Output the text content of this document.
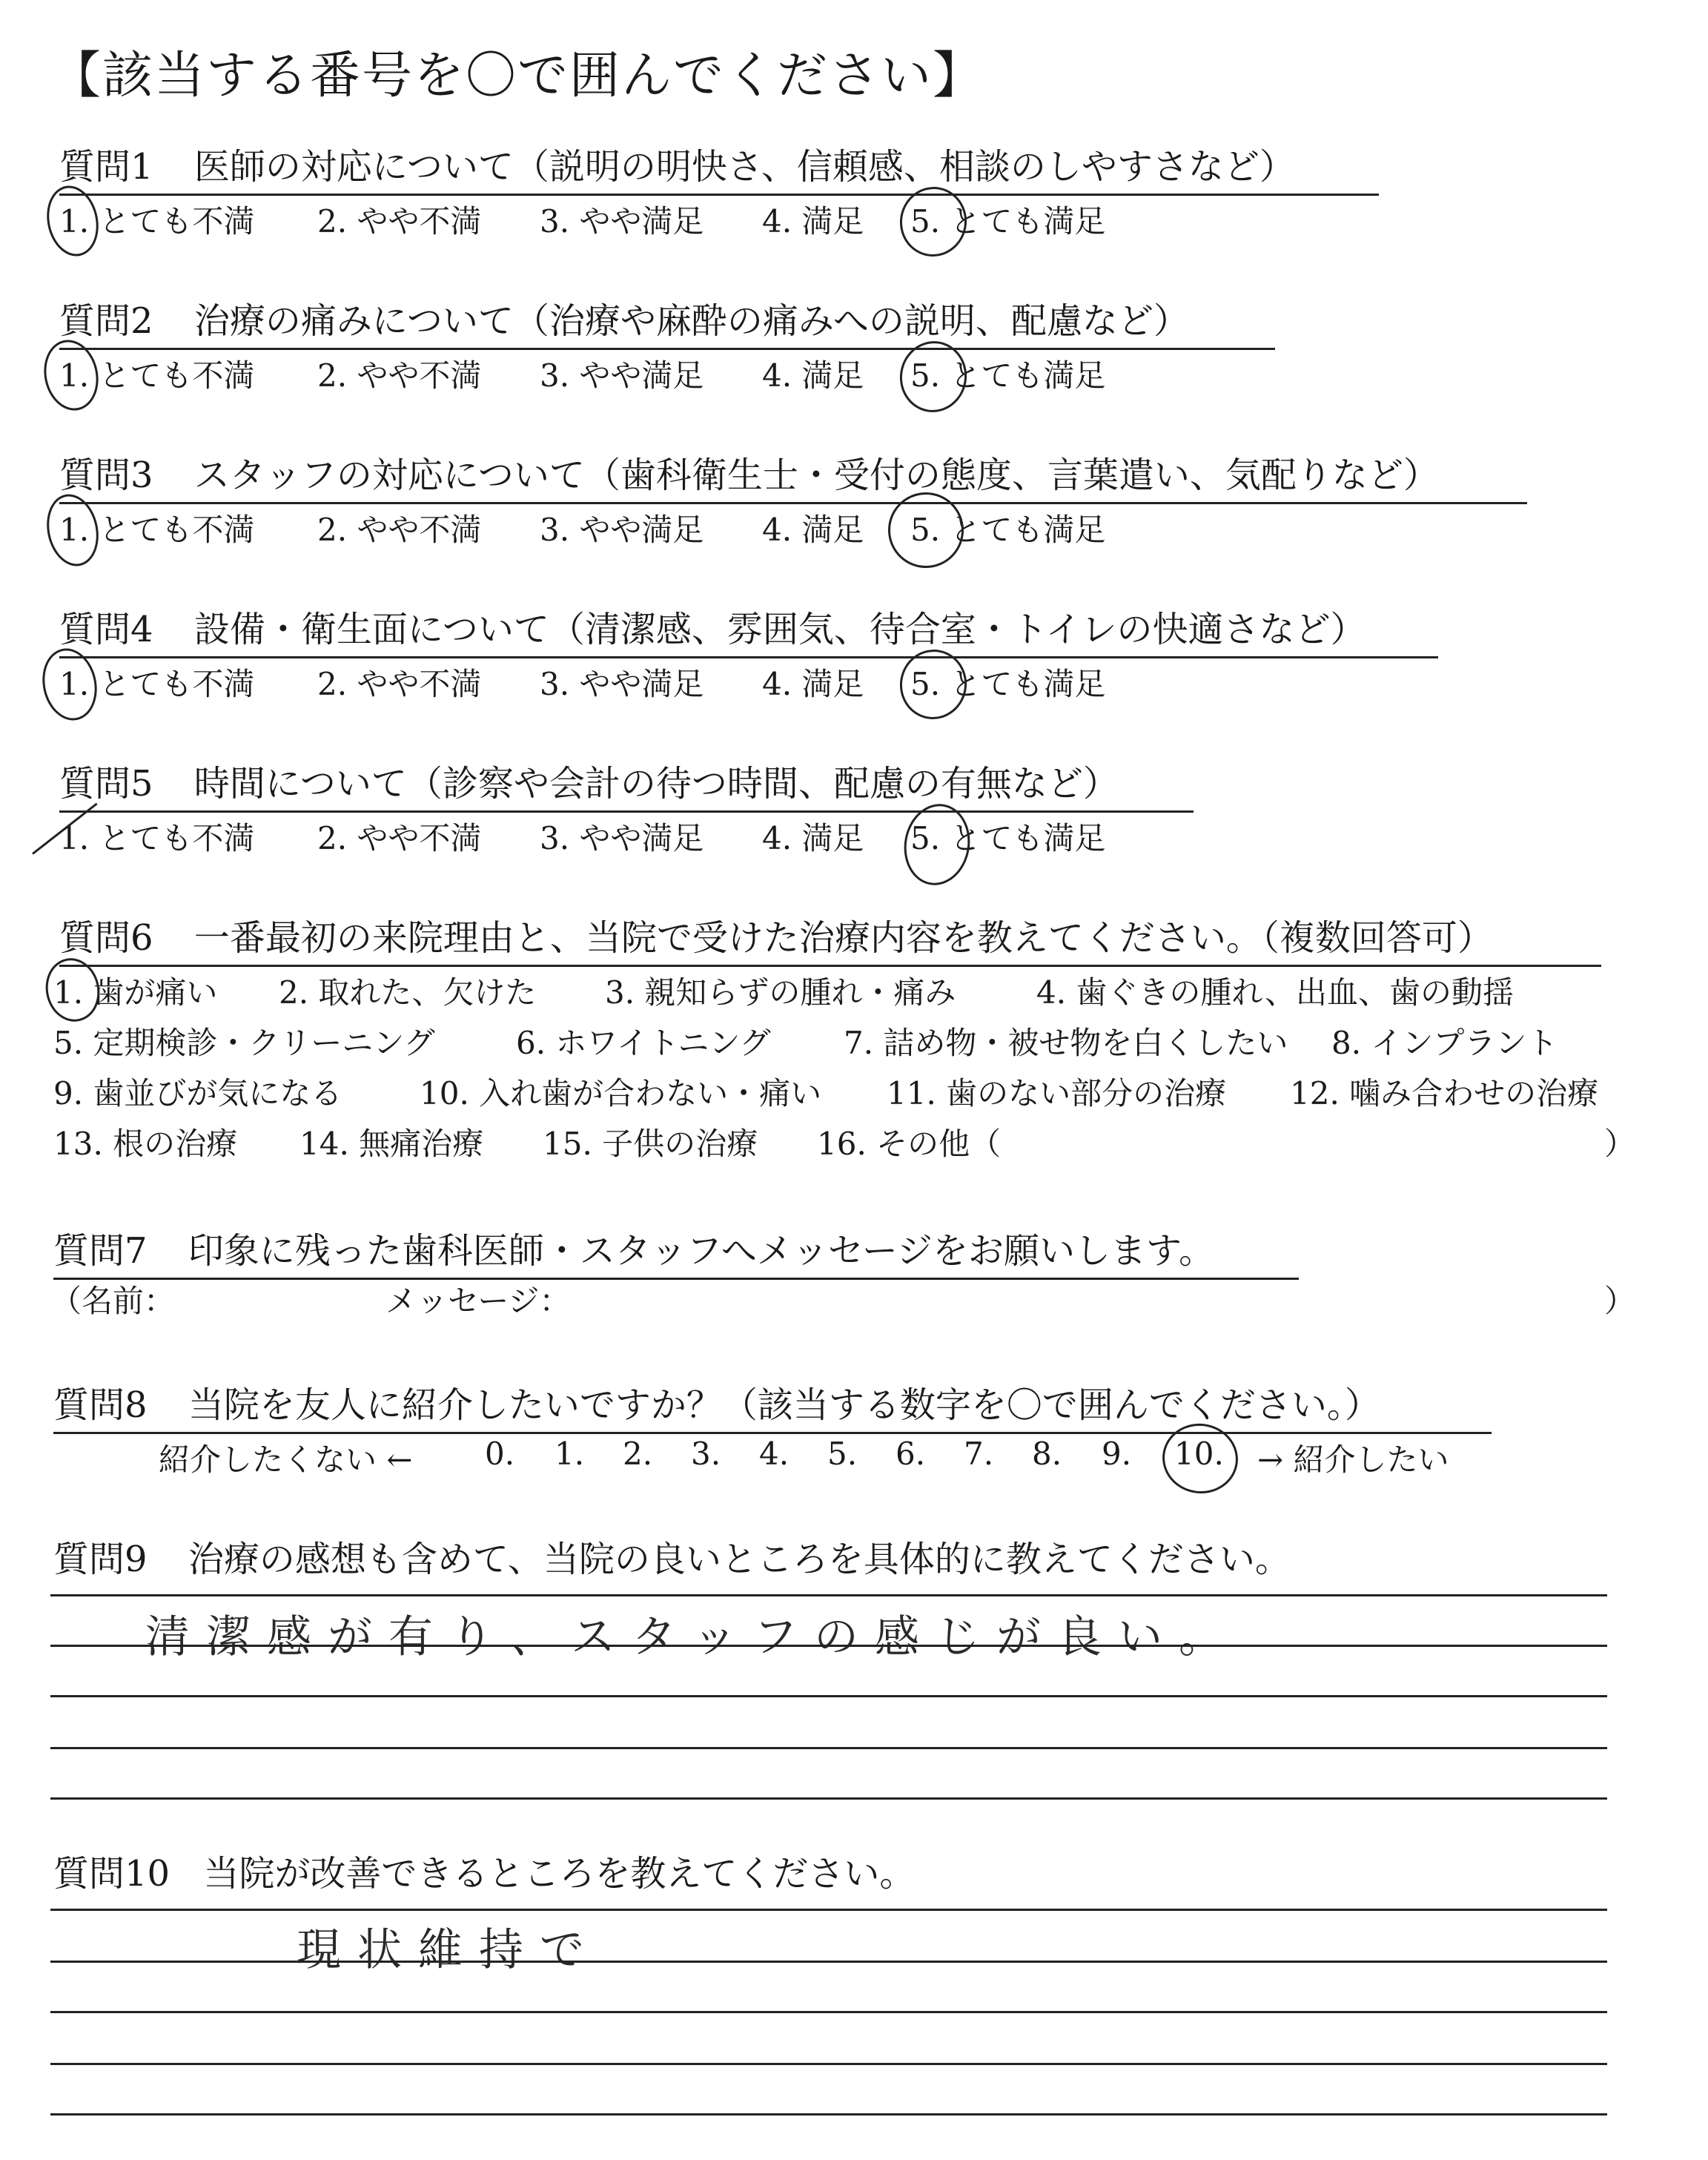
【該当する番号を〇で囲んでください】
質問1 医師の対応について（説明の明快さ、信頼感、相談のしやすさなど）
1. とても不満 2. やや不満 3. やや満足 4. 満足 5. とても満足
質問2 治療の痛みについて（治療や麻酔の痛みへの説明、配慮など）
1. とても不満 2. やや不満 3. やや満足 4. 満足 5. とても満足
質問3 スタッフの対応について（歯科衛生士・受付の態度、言葉遣い、気配りなど）
1. とても不満 2. やや不満 3. やや満足 4. 満足 5. とても満足
質問4 設備・衛生面について（清潔感、雰囲気、待合室・トイレの快適さなど）
1. とても不満 2. やや不満 3. やや満足 4. 満足 5. とても満足
質問5 時間について（診察や会計の待つ時間、配慮の有無など）
1. とても不満 2. やや不満 3. やや満足 4. 満足 5. とても満足
質問6 一番最初の来院理由と、当院で受けた治療内容を教えてください。（複数回答可）
1. 歯が痛い 2. 取れた、欠けた 3. 親知らずの腫れ・痛み	4. 歯ぐきの腫れ、出血、歯の動揺
5. 定期検診・クリーニング	6. ホワイトニング 7. 詰め物・被せ物を白くしたい 8. インプラント
9. 歯並びが気になる 10. 入れ歯が合わない・痛い 11. 歯のない部分の治療 12. 噛み合わせの治療
13. 根の治療 14. 無痛治療 15. 子供の治療 16. その他（	）
質問7 印象に残った歯科医師・スタッフへメッセージをお願いします。
（名前：	メッセージ：	）
質問8 当院を友人に紹介したいですか？（該当する数字を〇で囲んでください。）
紹介したくない ← 0. 1. 2. 3. 4. 5. 6. 7. 8. 9. 10. → 紹介したい
質問9 治療の感想も含めて、当院の良いところを具体的に教えてください。
清潔感が有り、スタッフの感じが良い。
質問10 当院が改善できるところを教えてください。
現状維持で
